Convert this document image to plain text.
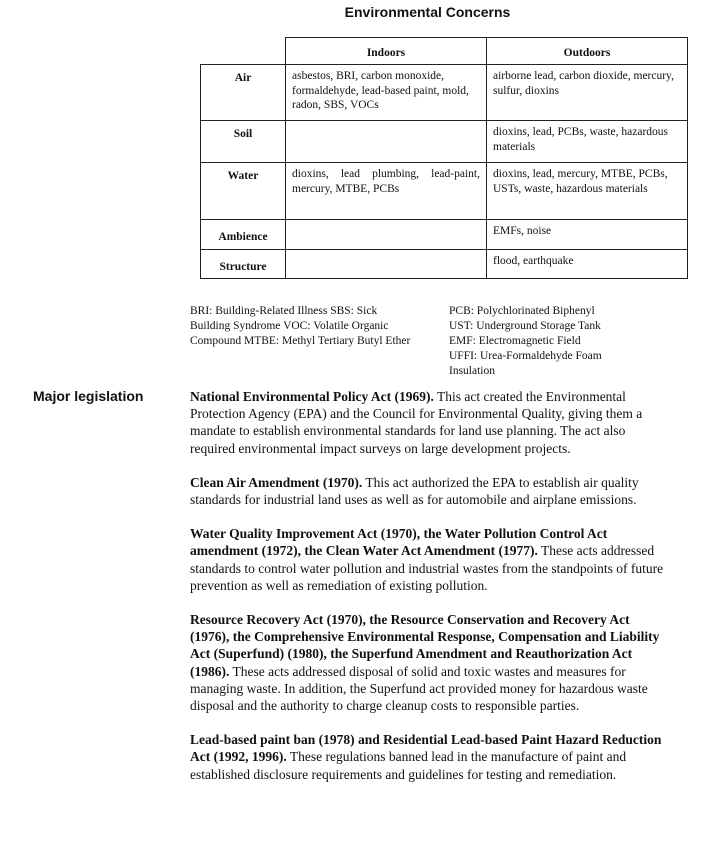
Environmental Concerns
	Indoors	Outdoors
Air	asbestos, BRI, carbon monoxide, formaldehyde, lead-based paint, mold, radon, SBS, VOCs	airborne lead, carbon dioxide, mercury, sulfur, dioxins
Soil		dioxins, lead, PCBs, waste, hazardous materials
Water	dioxins, lead plumbing, lead-paint, mercury, MTBE, PCBs	dioxins, lead, mercury, MTBE, PCBs, USTs, waste, hazardous materials
Ambience		EMFs, noise
Structure		flood, earthquake
BRI: Building-Related Illness SBS: Sick Building Syndrome VOC: Volatile Organic Compound MTBE: Methyl Tertiary Butyl Ether
PCB: Polychlorinated Biphenyl
UST: Underground Storage Tank
EMF: Electromagnetic Field
UFFI: Urea-Formaldehyde Foam Insulation
Major legislation	National Environmental Policy Act (1969). This act created the Environmental Protection Agency (EPA) and the Council for Environmental Quality, giving them a mandate to establish environmental standards for land use planning. The act also required environmental impact surveys on large development projects.

Clean Air Amendment (1970). This act authorized the EPA to establish air quality standards for industrial land uses as well as for automobile and airplane emissions.

Water Quality Improvement Act (1970), the Water Pollution Control Act amendment (1972), the Clean Water Act Amendment (1977). These acts addressed standards to control water pollution and industrial wastes from the standpoints of future prevention as well as remediation of existing pollution.

Resource Recovery Act (1970), the Resource Conservation and Recovery Act (1976), the Comprehensive Environmental Response, Compensation and Liability Act (Superfund) (1980), the Superfund Amendment and Reauthorization Act (1986). These acts addressed disposal of solid and toxic wastes and measures for managing waste. In addition, the Superfund act provided money for hazardous waste disposal and the authority to charge cleanup costs to responsible parties.

Lead-based paint ban (1978) and Residential Lead-based Paint Hazard Reduction Act (1992, 1996). These regulations banned lead in the manufacture of paint and established disclosure requirements and guidelines for testing and remediation.
